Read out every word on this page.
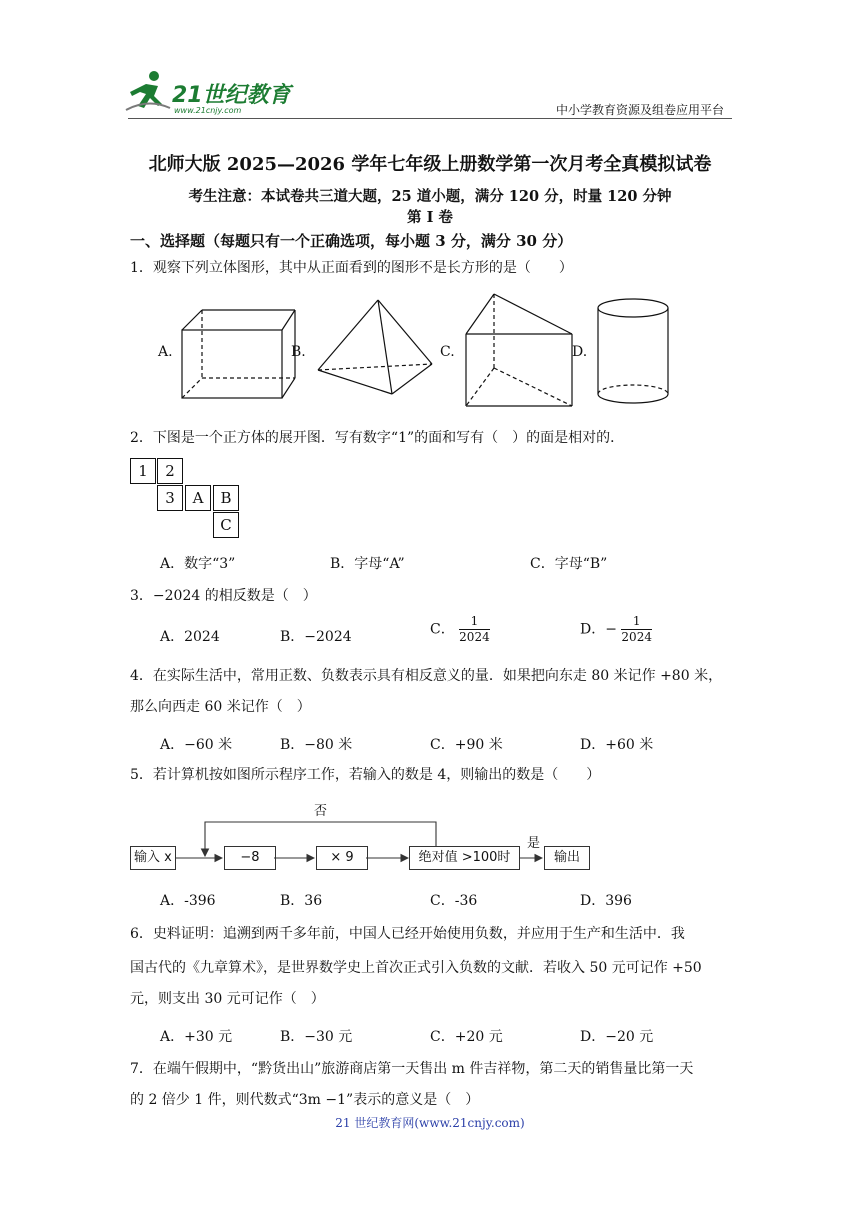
21世纪教育
www.21cnjy.com	中小学教育资源及组卷应用平台
北师大版 2025—2026 学年七年级上册数学第一次月考全真模拟试卷
考生注意：本试卷共三道大题，25 道小题，满分 120 分，时量 120 分钟
第 I 卷
一、选择题（每题只有一个正确选项，每小题 3 分，满分 30 分）
1．观察下列立体图形，其中从正面看到的图形不是长方形的是（　　）
A.	B.	C.	D.
2．下图是一个正方体的展开图．写有数字“1”的面和写有（　）的面是相对的．
1	2
3	A	B
C
A．数字“3”	B．字母“A”	C．字母“B”
3．−2024 的相反数是（　）
A．2024	B．−2024	C． $\frac{1}{2024}$	D．− $\frac{1}{2024}$
4．在实际生活中，常用正数、负数表示具有相反意义的量．如果把向东走 80 米记作 +80 米，
那么向西走 60 米记作（　）
A．−60 米	B．−80 米	C．+90 米	D．+60 米
5．若计算机按如图所示程序工作，若输入的数是 4，则输出的数是（　　）
输入 x	−8	× 9	绝对值 >100时	输出
否
是
A．-396	B．36	C．-36	D．396
6．史料证明：追溯到两千多年前，中国人已经开始使用负数，并应用于生产和生活中．我
国古代的《九章算术》，是世界数学史上首次正式引入负数的文献．若收入 50 元可记作 +50
元，则支出 30 元可记作（　）
A．+30 元	B．−30 元	C．+20 元	D．−20 元
7．在端午假期中，“黔货出山”旅游商店第一天售出 m 件吉祥物，第二天的销售量比第一天
的 2 倍少 1 件，则代数式“3m −1”表示的意义是（　）
21 世纪教育网(www.21cnjy.com)
